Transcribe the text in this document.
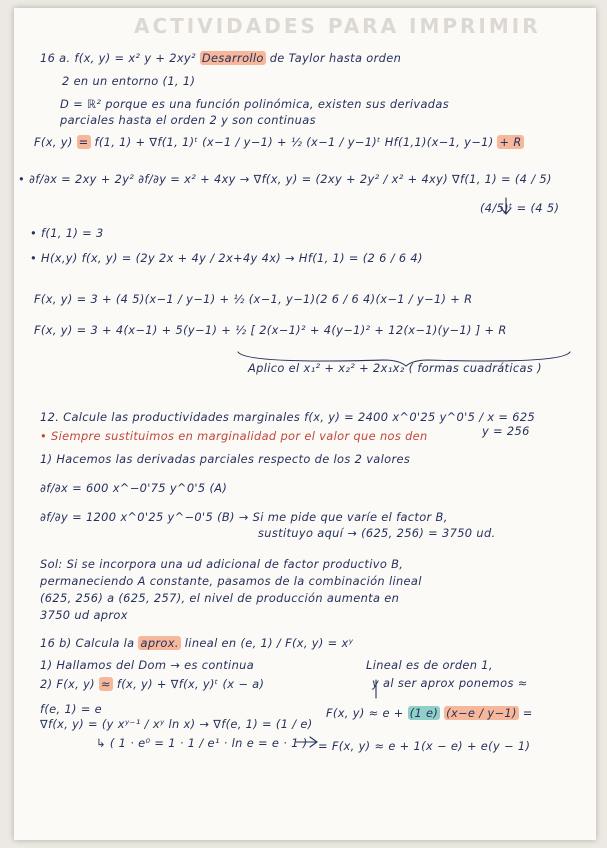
ACTIVIDADES PARA IMPRIMIR
16 a. f(x, y) = x² y + 2xy² Desarrollo de Taylor hasta orden
2 en un entorno (1, 1)
D = ℝ² porque es una función polinómica, existen sus derivadas
parciales hasta el orden 2 y son continuas
F(x, y) = f(1, 1) + ∇f(1, 1)ᵗ (x−1 / y−1) + ½ (x−1 / y−1)ᵗ Hf(1,1)(x−1, y−1) + R
• ∂f/∂x = 2xy + 2y² ∂f/∂y = x² + 4xy → ∇f(x, y) = (2xy + 2y² / x² + 4xy) ∇f(1, 1) = (4 / 5)
(4/5)ᵗ = (4 5)
• f(1, 1) = 3
• H(x,y) f(x, y) = (2y 2x + 4y / 2x+4y 4x) → Hf(1, 1) = (2 6 / 6 4)
F(x, y) = 3 + (4 5)(x−1 / y−1) + ½ (x−1, y−1)(2 6 / 6 4)(x−1 / y−1) + R
F(x, y) = 3 + 4(x−1) + 5(y−1) + ½ [ 2(x−1)² + 4(y−1)² + 12(x−1)(y−1) ] + R
Aplico el x₁² + x₂² + 2x₁x₂ ( formas cuadráticas )
12. Calcule las productividades marginales f(x, y) = 2400 x^0'25 y^0'5 / x = 625
y = 256
• Siempre sustituimos en marginalidad por el valor que nos den
1) Hacemos las derivadas parciales respecto de los 2 valores
∂f/∂x = 600 x^−0'75 y^0'5 (A)
∂f/∂y = 1200 x^0'25 y^−0'5 (B) → Si me pide que varíe el factor B,
sustituyo aquí → (625, 256) = 3750 ud.
Sol: Si se incorpora una ud adicional de factor productivo B,
permaneciendo A constante, pasamos de la combinación lineal
(625, 256) a (625, 257), el nivel de producción aumenta en
3750 ud aprox
16 b) Calcula la aprox. lineal en (e, 1) / F(x, y) = xʸ
1) Hallamos del Dom → es continua	Lineal es de orden 1,
2) F(x, y) ≈ f(x, y) + ∇f(x, y)ᵗ (x − a)	y al ser aprox ponemos ≈
f(e, 1) = e
∇f(x, y) = (y xʸ⁻¹ / xʸ ln x) → ∇f(e, 1) = (1 / e)
F(x, y) ≈ e + (1 e) (x−e / y−1) =
↳ ( 1 · e⁰ = 1 · 1 / e¹ · ln e = e · 1 ) = F(x, y) ≈ e + 1(x − e) + e(y − 1)
